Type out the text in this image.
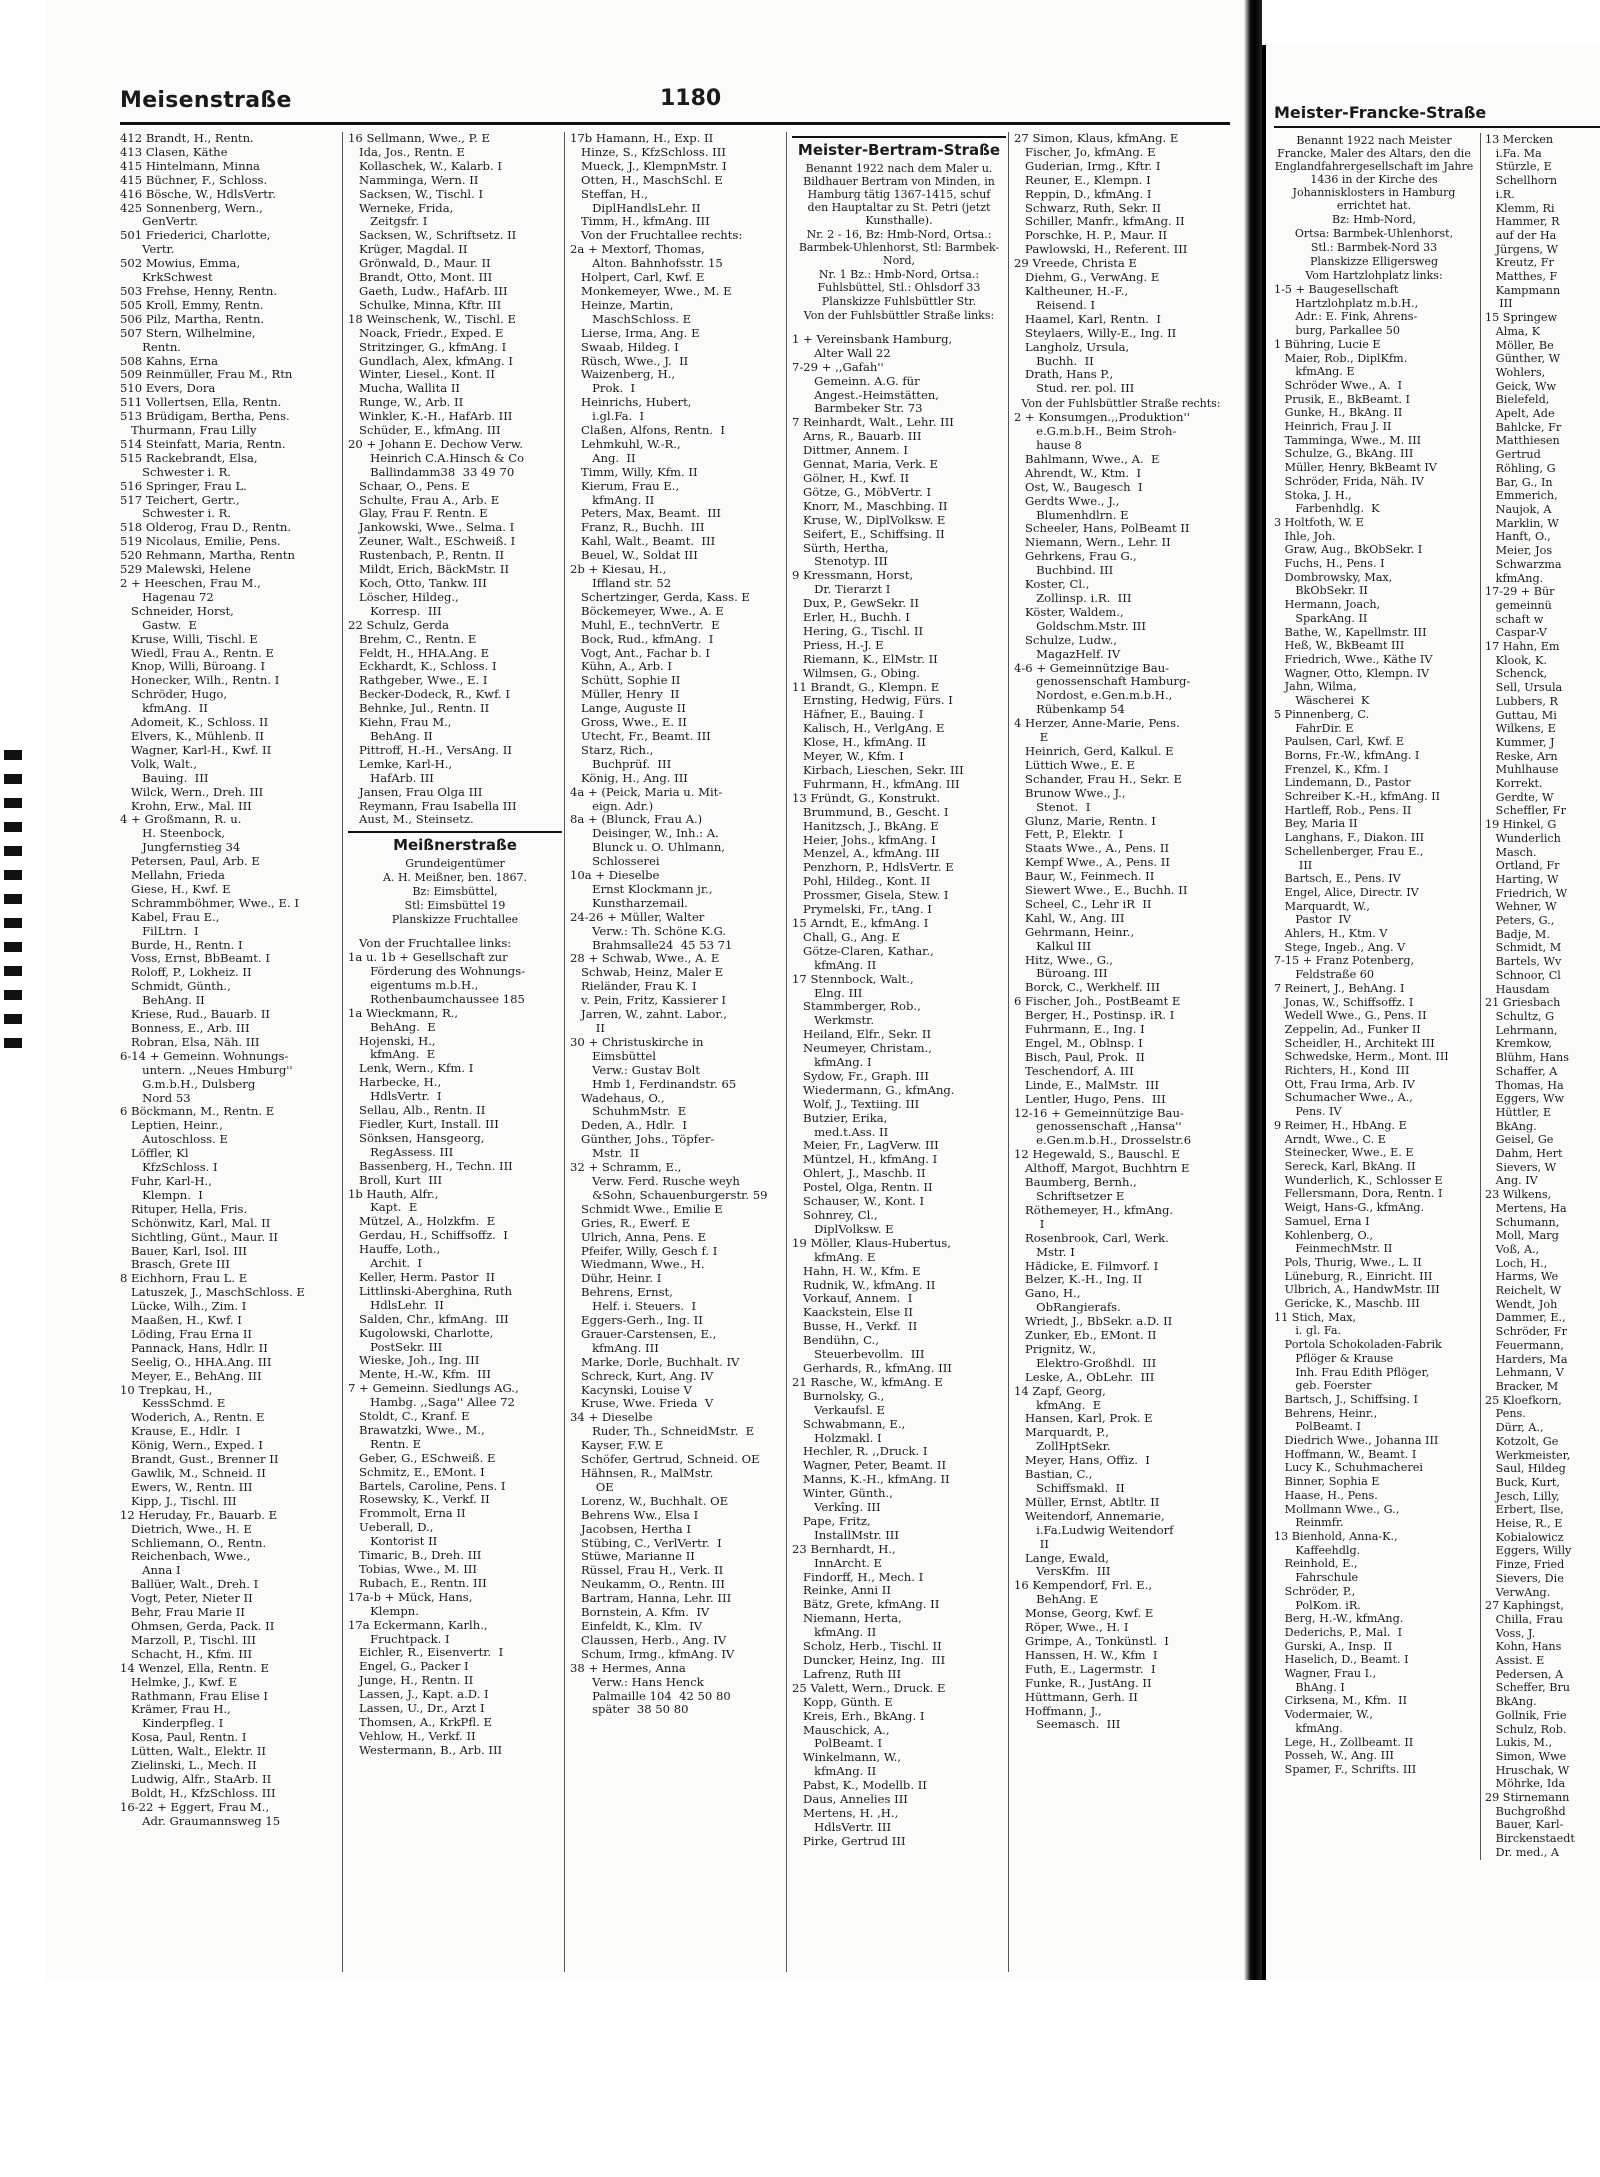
Meisenstraße	1180
412 Brandt, H., Rentn.
413 Clasen, Käthe
415 Hintelmann, Minna
415 Büchner, F., Schloss.
416 Bösche, W., HdlsVertr.
425 Sonnenberg, Wern.,
GenVertr.
501 Friederici, Charlotte,
Vertr.
502 Mowius, Emma,
KrkSchwest
503 Frehse, Henny, Rentn.
505 Kroll, Emmy, Rentn.
506 Pilz, Martha, Rentn.
507 Stern, Wilhelmine,
Rentn.
508 Kahns, Erna
509 Reinmüller, Frau M., Rtn
510 Evers, Dora
511 Vollertsen, Ella, Rentn.
513 Brüdigam, Bertha, Pens.
Thurmann, Frau Lilly
514 Steinfatt, Maria, Rentn.
515 Rackebrandt, Elsa,
Schwester i. R.
516 Springer, Frau L.
517 Teichert, Gertr.,
Schwester i. R.
518 Olderog, Frau D., Rentn.
519 Nicolaus, Emilie, Pens.
520 Rehmann, Martha, Rentn
529 Malewski, Helene
2 + Heeschen, Frau M.,
Hagenau 72
Schneider, Horst,
Gastw.  E
Kruse, Willi, Tischl. E
Wiedl, Frau A., Rentn. E
Knop, Willi, Büroang. I
Honecker, Wilh., Rentn. I
Schröder, Hugo,
kfmAng.  II
Adomeit, K., Schloss. II
Elvers, K., Mühlenb. II
Wagner, Karl-H., Kwf. II
Volk, Walt.,
Bauing.  III
Wilck, Wern., Dreh. III
Krohn, Erw., Mal. III
4 + Großmann, R. u.
H. Steenbock,
Jungfernstieg 34
Petersen, Paul, Arb. E
Mellahn, Frieda
Giese, H., Kwf. E
Schrammböhmer, Wwe., E. I
Kabel, Frau E.,
FilLtrn.  I
Burde, H., Rentn. I
Voss, Ernst, BbBeamt. I
Roloff, P., Lokheiz. II
Schmidt, Günth.,
BehAng. II
Kriese, Rud., Bauarb. II
Bonness, E., Arb. III
Robran, Elsa, Näh. III
6-14 + Gemeinn. Wohnungs-
untern. ,,Neues Hmburg''
G.m.b.H., Dulsberg
Nord 53
6 Böckmann, M., Rentn. E
Leptien, Heinr.,
Autoschloss. E
Löffler, Kl
KfzSchloss. I
Fuhr, Karl-H.,
Klempn.  I
Rituper, Hella, Fris.
Schönwitz, Karl, Mal. II
Sichtling, Günt., Maur. II
Bauer, Karl, Isol. III
Brasch, Grete III
8 Eichhorn, Frau L. E
Latuszek, J., MaschSchloss. E
Lücke, Wilh., Zim. I
Maaßen, H., Kwf. I
Löding, Frau Erna II
Pannack, Hans, Hdlr. II
Seelig, O., HHA.Ang. III
Meyer, E., BehAng. III
10 Trepkau, H.,
KessSchmd. E
Woderich, A., Rentn. E
Krause, E., Hdlr.  I
König, Wern., Exped. I
Brandt, Gust., Brenner II
Gawlik, M., Schneid. II
Ewers, W., Rentn. III
Kipp, J., Tischl. III
12 Heruday, Fr., Bauarb. E
Dietrich, Wwe., H. E
Schliemann, O., Rentn.
Reichenbach, Wwe.,
Anna I
Ballüer, Walt., Dreh. I
Vogt, Peter, Nieter II
Behr, Frau Marie II
Ohmsen, Gerda, Pack. II
Marzoll, P., Tischl. III
Schacht, H., Kfm. III
14 Wenzel, Ella, Rentn. E
Helmke, J., Kwf. E
Rathmann, Frau Elise I
Krämer, Frau H.,
Kinderpfleg. I
Kosa, Paul, Rentn. I
Lütten, Walt., Elektr. II
Zielinski, L., Mech. II
Ludwig, Alfr., StaArb. II
Boldt, H., KfzSchloss. III
16-22 + Eggert, Frau M.,
Adr. Graumannsweg 15
16 Sellmann, Wwe., P. E
Ida, Jos., Rentn. E
Kollaschek, W., Kalarb. I
Namminga, Wern. II
Sacksen, W., Tischl. I
Werneke, Frida,
Zeitgsfr. I
Sacksen, W., Schriftsetz. II
Krüger, Magdal. II
Grönwald, D., Maur. II
Brandt, Otto, Mont. III
Gaeth, Ludw., HafArb. III
Schulke, Minna, Kftr. III
18 Weinschenk, W., Tischl. E
Noack, Friedr., Exped. E
Stritzinger, G., kfmAng. I
Gundlach, Alex, kfmAng. I
Winter, Liesel., Kont. II
Mucha, Wallita II
Runge, W., Arb. II
Winkler, K.-H., HafArb. III
Schüder, E., kfmAng. III
20 + Johann E. Dechow Verw.
Heinrich C.A.Hinsch & Co
Ballindamm38  33 49 70
Schaar, O., Pens. E
Schulte, Frau A., Arb. E
Glay, Frau F. Rentn. E
Jankowski, Wwe., Selma. I
Zeuner, Walt., ESchweiß. I
Rustenbach, P., Rentn. II
Mildt, Erich, BäckMstr. II
Koch, Otto, Tankw. III
Löscher, Hildeg.,
Korresp.  III
22 Schulz, Gerda
Brehm, C., Rentn. E
Feldt, H., HHA.Ang. E
Eckhardt, K., Schloss. I
Rathgeber, Wwe., E. I
Becker-Dodeck, R., Kwf. I
Behnke, Jul., Rentn. II
Kiehn, Frau M.,
BehAng. II
Pittroff, H.-H., VersAng. II
Lemke, Karl-H.,
HafArb. III
Jansen, Frau Olga III
Reymann, Frau Isabella III
Aust, M., Steinsetz.
Meißnerstraße
Grundeigentümer
A. H. Meißner, ben. 1867.
Bz: Eimsbüttel,
Stl: Eimsbüttel 19
Planskizze Fruchtallee
Von der Fruchtallee links:
1a u. 1b + Gesellschaft zur
Förderung des Wohnungs-
eigentums m.b.H.,
Rothenbaumchaussee 185
1a Wieckmann, R.,
BehAng.  E
Hojenski, H.,
kfmAng.  E
Lenk, Wern., Kfm. I
Harbecke, H.,
HdlsVertr.  I
Sellau, Alb., Rentn. II
Fiedler, Kurt, Install. III
Sönksen, Hansgeorg,
RegAssess. III
Bassenberg, H., Techn. III
Broll, Kurt  III
1b Hauth, Alfr.,
Kapt.  E
Mützel, A., Holzkfm.  E
Gerdau, H., Schiffsoffz.  I
Hauffe, Loth.,
Archit.  I
Keller, Herm. Pastor  II
Littlinski-Aberghina, Ruth
HdlsLehr.  II
Salden, Chr., kfmAng.  III
Kugolowski, Charlotte,
PostSekr. III
Wieske, Joh., Ing. III
Mente, H.-W., Kfm.  III
7 + Gemeinn. Siedlungs AG.,
Hambg. ,,Saga'' Allee 72
Stoldt, C., Kranf. E
Brawatzki, Wwe., M.,
Rentn. E
Geber, G., ESchweiß. E
Schmitz, E., EMont. I
Bartels, Caroline, Pens. I
Rosewsky, K., Verkf. II
Frommolt, Erna II
Ueberall, D.,
Kontorist II
Timaric, B., Dreh. III
Tobias, Wwe., M. III
Rubach, E., Rentn. III
17a-b + Mück, Hans,
Klempn.
17a Eckermann, Karlh.,
Fruchtpack. I
Eichler, R., Eisenvertr.  I
Engel, G., Packer I
Junge, H., Rentn. II
Lassen, J., Kapt. a.D. I
Lassen, U., Dr., Arzt I
Thomsen, A., KrkPfl. E
Vehlow, H., Verkf. II
Westermann, B., Arb. III
17b Hamann, H., Exp. II
Hinze, S., KfzSchloss. III
Mueck, J., KlempnMstr. I
Otten, H., MaschSchl. E
Steffan, H.,
DiplHandlsLehr. II
Timm, H., kfmAng. III
Von der Fruchtallee rechts:
2a + Mextorf, Thomas,
Alton. Bahnhofsstr. 15
Holpert, Carl, Kwf. E
Monkemeyer, Wwe., M. E
Heinze, Martin,
MaschSchloss. E
Lierse, Irma, Ang. E
Swaab, Hildeg. I
Rüsch, Wwe., J.  II
Waizenberg, H.,
Prok.  I
Heinrichs, Hubert,
i.gl.Fa.  I
Claßen, Alfons, Rentn.  I
Lehmkuhl, W.-R.,
Ang.  II
Timm, Willy, Kfm. II
Kierum, Frau E.,
kfmAng. II
Peters, Max, Beamt.  III
Franz, R., Buchh.  III
Kahl, Walt., Beamt.  III
Beuel, W., Soldat III
2b + Kiesau, H.,
Iffland str. 52
Schertzinger, Gerda, Kass. E
Böckemeyer, Wwe., A. E
Muhl, E., technVertr.  E
Bock, Rud., kfmAng.  I
Vogt, Ant., Fachar b. I
Kühn, A., Arb. I
Schütt, Sophie II
Müller, Henry  II
Lange, Auguste II
Gross, Wwe., E. II
Utecht, Fr., Beamt. III
Starz, Rich.,
Buchprüf.  III
König, H., Ang. III
4a + (Peick, Maria u. Mit-
eign. Adr.)
8a + (Blunck, Frau A.)
Deisinger, W., Inh.: A.
Blunck u. O. Uhlmann,
Schlosserei
10a + Dieselbe
Ernst Klockmann jr.,
Kunstharzemail.
24-26 + Müller, Walter
Verw.: Th. Schöne K.G.
Brahmsalle24  45 53 71
28 + Schwab, Wwe., A. E
Schwab, Heinz, Maler E
Rieländer, Frau K. I
v. Pein, Fritz, Kassierer I
Jarren, W., zahnt. Labor.,
II
30 + Christuskirche in
Eimsbüttel
Verw.: Gustav Bolt
Hmb 1, Ferdinandstr. 65
Wadehaus, O.,
SchuhmMstr.  E
Deden, A., Hdlr.  I
Günther, Johs., Töpfer-
Mstr.  II
32 + Schramm, E.,
Verw. Ferd. Rusche weyh
&Sohn, Schauenburgerstr. 59
Schmidt Wwe., Emilie E
Gries, R., Ewerf. E
Ulrich, Anna, Pens. E
Pfeifer, Willy, Gesch f. I
Wiedmann, Wwe., H.
Dühr, Heinr. I
Behrens, Ernst,
Helf. i. Steuers.  I
Eggers-Gerh., Ing. II
Grauer-Carstensen, E.,
kfmAng. III
Marke, Dorle, Buchhalt. IV
Schreck, Kurt, Ang. IV
Kacynski, Louise V
Kruse, Wwe. Frieda  V
34 + Dieselbe
Ruder, Th., SchneidMstr.  E
Kayser, F.W. E
Schöfer, Gertrud, Schneid. OE
Hähnsen, R., MalMstr.
OE
Lorenz, W., Buchhalt. OE
Behrens Ww., Elsa I
Jacobsen, Hertha I
Stübing, C., VerlVertr.  I
Stüwe, Marianne II
Rüssel, Frau H., Verk. II
Neukamm, O., Rentn. III
Bartram, Hanna, Lehr. III
Bornstein, A. Kfm.  IV
Einfeldt, K., Klm.  IV
Claussen, Herb., Ang. IV
Schum, Irmg., kfmAng. IV
38 + Hermes, Anna
Verw.: Hans Henck
Palmaille 104  42 50 80
später  38 50 80
Meister-Bertram-Straße
Benannt 1922 nach dem Maler u. Bildhauer Bertram von Minden, in Hamburg tätig 1367-1415, schuf den Hauptaltar zu St. Petri (jetzt Kunsthalle).
Nr. 2 - 16, Bz: Hmb-Nord, Ortsa.: Barmbek-Uhlenhorst, Stl: Barmbek-Nord,
Nr. 1 Bz.: Hmb-Nord, Ortsa.: Fuhlsbüttel, Stl.: Ohlsdorf 33
Planskizze Fuhlsbüttler Str.
Von der Fuhlsbüttler Straße links:
1 + Vereinsbank Hamburg,
Alter Wall 22
7-29 + ,,Gafah''
Gemeinn. A.G. für
Angest.-Heimstätten,
Barmbeker Str. 73
7 Reinhardt, Walt., Lehr. III
Arns, R., Bauarb. III
Dittmer, Annem. I
Gennat, Maria, Verk. E
Gölner, H., Kwf. II
Götze, G., MöbVertr. I
Knorr, M., Maschbing. II
Kruse, W., DiplVolksw. E
Seifert, E., Schiffsing. II
Sürth, Hertha,
Stenotyp. III
9 Kressmann, Horst,
Dr. Tierarzt I
Dux, P., GewSekr. II
Erler, H., Buchh. I
Hering, G., Tischl. II
Priess, H.-J. E
Riemann, K., ElMstr. II
Wilmsen, G., Obing.
11 Brandt, G., Klempn. E
Ernsting, Hedwig, Fürs. I
Häfner, E., Bauing. I
Kalisch, H., VerlgAng. E
Klose, H., kfmAng. II
Meyer, W., Kfm. I
Kirbach, Lieschen, Sekr. III
Fuhrmann, H., kfmAng. III
13 Fründt, G., Konstrukt.
Brummund, B., Gescht. I
Hanitzsch, J., BkAng. E
Heier, Johs., kfmAng. I
Menzel, A., kfmAng. III
Penzhorn, P., HdlsVertr. E
Pohl, Hildeg., Kont. II
Prossmer, Gisela, Stew. I
Prymelski, Fr., tAng. I
15 Arndt, E., kfmAng. I
Chall, G., Ang. E
Götze-Claren, Kathar.,
kfmAng. II
17 Stennbock, Walt.,
Elng. III
Stammberger, Rob.,
Werkmstr.
Heiland, Elfr., Sekr. II
Neumeyer, Christam.,
kfmAng. I
Sydow, Fr., Graph. III
Wiedermann, G., kfmAng.
Wolf, J., Textiing. III
Butzier, Erika,
med.t.Ass. II
Meier, Fr., LagVerw. III
Müntzel, H., kfmAng. I
Ohlert, J., Maschb. II
Postel, Olga, Rentn. II
Schauser, W., Kont. I
Sohnrey, Cl.,
DiplVolksw. E
19 Möller, Klaus-Hubertus,
kfmAng. E
Hahn, H. W., Kfm. E
Rudnik, W., kfmAng. II
Vorkauf, Annem.  I
Kaackstein, Else II
Busse, H., Verkf.  II
Bendühn, C.,
Steuerbevollm.  III
Gerhards, R., kfmAng. III
21 Rasche, W., kfmAng. E
Burnolsky, G.,
Verkaufsl. E
Schwabmann, E.,
Holzmakl. I
Hechler, R. ,,Druck. I
Wagner, Peter, Beamt. II
Manns, K.-H., kfmAng. II
Winter, Günth.,
Verkîng. III
Pape, Fritz,
InstallMstr. III
23 Bernhardt, H.,
InnArcht. E
Findorff, H., Mech. I
Reinke, Anni II
Bätz, Grete, kfmAng. II
Niemann, Herta,
kfmAng. II
Scholz, Herb., Tischl. II
Duncker, Heinz, Ing.  III
Lafrenz, Ruth III
25 Valett, Wern., Druck. E
Kopp, Günth. E
Kreis, Erh., BkAng. I
Mauschick, A.,
PolBeamt. I
Winkelmann, W.,
kfmAng. II
Pabst, K., Modellb. II
Daus, Annelies III
Mertens, H. ,H.,
HdlsVertr. III
Pirke, Gertrud III
27 Simon, Klaus, kfmAng. E
Fischer, Jo, kfmAng. E
Guderian, Irmg., Kftr. I
Reuner, E., Klempn. I
Reppin, D., kfmAng. I
Schwarz, Ruth, Sekr. II
Schiller, Manfr., kfmAng. II
Porschke, H. P., Maur. II
Pawlowski, H., Referent. III
29 Vreede, Christa E
Diehm, G., VerwAng. E
Kaltheuner, H.-F.,
Reisend. I
Haamel, Karl, Rentn.  I
Steylaers, Willy-E., Ing. II
Langholz, Ursula,
Buchh.  II
Drath, Hans P.,
Stud. rer. pol. III
Von der Fuhlsbüttler Straße rechts:
2 + Konsumgen.,,Produktion''
e.G.m.b.H., Beim Stroh-
hause 8
Bahlmann, Wwe., A.  E
Ahrendt, W., Ktm.  I
Ost, W., Baugesch  I
Gerdts Wwe., J.,
Blumenhdlrn. E
Scheeler, Hans, PolBeamt II
Niemann, Wern., Lehr. II
Gehrkens, Frau G.,
Buchbind. III
Koster, Cl.,
Zollinsp. i.R.  III
Köster, Waldem.,
Goldschm.Mstr. III
Schulze, Ludw.,
MagazHelf. IV
4-6 + Gemeinnützige Bau-
genossenschaft Hamburg-
Nordost, e.Gen.m.b.H.,
Rübenkamp 54
4 Herzer, Anne-Marie, Pens.
E
Heinrich, Gerd, Kalkul. E
Lüttich Wwe., E. E
Schander, Frau H., Sekr. E
Brunow Wwe., J.,
Stenot.  I
Glunz, Marie, Rentn. I
Fett, P., Elektr.  I
Staats Wwe., A., Pens. II
Kempf Wwe., A., Pens. II
Baur, W., Feinmech. II
Siewert Wwe., E., Buchh. II
Scheel, C., Lehr iR  II
Kahl, W., Ang. III
Gehrmann, Heinr.,
Kalkul III
Hitz, Wwe., G.,
Büroang. III
Borck, C., Werkhelf. III
6 Fischer, Joh., PostBeamt E
Berger, H., Postinsp. iR. I
Fuhrmann, E., Ing. I
Engel, M., Oblnsp. I
Bisch, Paul, Prok.  II
Teschendorf, A. III
Linde, E., MalMstr.  III
Lentler, Hugo, Pens.  III
12-16 + Gemeinnützige Bau-
genossenschaft ,,Hansa''
e.Gen.m.b.H., Drosselstr.6
12 Hegewald, S., Bauschl. E
Althoff, Margot, Buchhtrn E
Baumberg, Bernh.,
Schriftsetzer E
Röthemeyer, H., kfmAng.
I
Rosenbrook, Carl, Werk.
Mstr. I
Hädicke, E. Filmvorf. I
Belzer, K.-H., Ing. II
Gano, H.,
ObRangierafs.
Wriedt, J., BbSekr. a.D. II
Zunker, Eb., EMont. II
Prignitz, W.,
Elektro-Großhdl.  III
Leske, A., ObLehr.  III
14 Zapf, Georg,
kfmAng.  E
Hansen, Karl, Prok. E
Marquardt, P.,
ZollHptSekr.
Meyer, Hans, Offiz.  I
Bastian, C.,
Schiffsmakl.  II
Müller, Ernst, Abtltr. II
Weitendorf, Annemarie,
i.Fa.Ludwig Weitendorf
II
Lange, Ewald,
VersKfm.  III
16 Kempendorf, Frl. E.,
BehAng. E
Monse, Georg, Kwf. E
Röper, Wwe., H. I
Grimpe, A., Tonkünstl.  I
Hanssen, H. W., Kfm  I
Futh, E., Lagermstr.  I
Funke, R., JustAng. II
Hüttmann, Gerh. II
Hoffmann, J.,
Seemasch.  III
Meister-Francke-Straße
Benannt 1922 nach Meister Francke, Maler des Altars, den die Englandfahrergesellschaft im Jahre 1436 in der Kirche des Johannisklosters in Hamburg errichtet hat.
Bz: Hmb-Nord,
Ortsa: Barmbek-Uhlenhorst,
Stl.: Barmbek-Nord 33
Planskizze Elligersweg
Vom Hartzlohplatz links:
1-5 + Baugesellschaft
Hartzlohplatz m.b.H.,
Adr.: E. Fink, Ahrens-
burg, Parkallee 50
1 Bühring, Lucie E
Maier, Rob., DiplKfm.
kfmAng. E
Schröder Wwe., A.  I
Prusik, E., BkBeamt. I
Gunke, H., BkAng. II
Heinrich, Frau J. II
Tamminga, Wwe., M. III
Schulze, G., BkAng. III
Müller, Henry, BkBeamt IV
Schröder, Frida, Näh. IV
Stoka, J. H.,
Farbenhdlg.  K
3 Holtfoth, W. E
Ihle, Joh.
Graw, Aug., BkObSekr. I
Fuchs, H., Pens. I
Dombrowsky, Max,
BkObSekr. II
Hermann, Joach,
SparkAng. II
Bathe, W., Kapellmstr. III
Heß, W., BkBeamt III
Friedrich, Wwe., Käthe IV
Wagner, Otto, Klempn. IV
Jahn, Wilma,
Wäscherei  K
5 Pinnenberg, C.
FahrDir. E
Paulsen, Carl, Kwf. E
Borns, Fr.-W., kfmAng. I
Frenzel, K., Kfm. I
Lindemann, D., Pastor
Schreiber K.-H., kfmAng. II
Hartleff, Rob., Pens. II
Bey, Maria II
Langhans, F., Diakon. III
Schellenberger, Frau E.,
III
Bartsch, E., Pens. IV
Engel, Alice, Directr. IV
Marquardt, W.,
Pastor  IV
Ahlers, H., Ktm. V
Stege, Ingeb., Ang. V
7-15 + Franz Potenberg,
Feldstraße 60
7 Reinert, J., BehAng. I
Jonas, W., Schiffsoffz. I
Wedell Wwe., G., Pens. II
Zeppelin, Ad., Funker II
Scheidler, H., Architekt III
Schwedske, Herm., Mont. III
Richters, H., Kond  III
Ott, Frau Irma, Arb. IV
Schumacher Wwe., A.,
Pens. IV
9 Reimer, H., HbAng. E
Arndt, Wwe., C. E
Steinecker, Wwe., E. E
Sereck, Karl, BkAng. II
Wunderlich, K., Schlosser E
Fellersmann, Dora, Rentn. I
Weigt, Hans-G., kfmAng.
Samuel, Erna I
Kohlenberg, O.,
FeinmechMstr. II
Pols, Thurig, Wwe., L. II
Lüneburg, R., Einricht. III
Ulbrich, A., HandwMstr. III
Gericke, K., Maschb. III
11 Stich, Max,
i. gl. Fa.
Portola Schokoladen-Fabrik
Pflöger & Krause
Inh. Frau Edith Pflöger,
geb. Foerster
Bartsch, J., Schiffsing. I
Behrens, Heinr.,
PolBeamt. I
Diedrich Wwe., Johanna III
Hoffmann, W., Beamt. I
Lucy K., Schuhmacherei
Binner, Sophia E
Haase, H., Pens.
Mollmann Wwe., G.,
Reinmfr.
13 Bienhold, Anna-K.,
Kaffeehdlg.
Reinhold, E.,
Fahrschule
Schröder, P.,
PolKom. iR.
Berg, H.-W., kfmAng.
Dederichs, P., Mal.  I
Gurski, A., Insp.  II
Haselich, D., Beamt. I
Wagner, Frau I.,
BhAng. I
Cirksena, M., Kfm.  II
Vodermaier, W.,
kfmAng.
Lege, H., Zollbeamt. II
Posseh, W., Ang. III
Spamer, F., Schrifts. III
13 Mercken
i.Fa. Ma
Stürzle, E
Schellhorn
i.R.
Klemm, Ri
Hammer, R
auf der Ha
Jürgens, W
Kreutz, Fr
Matthes, F
Kampmann
III
15 Springew
Alma, K
Möller, Be
Günther, W
Wohlers,
Geick, Ww
Bielefeld,
Apelt, Ade
Bahlcke, Fr
Matthiesen
Gertrud
Röhling, G
Bar, G., In
Emmerich,
Naujok, A
Marklin, W
Hanft, O.,
Meier, Jos
Schwarzma
kfmAng.
17-29 + Bür
gemeinnü
schaft w
Caspar-V
17 Hahn, Em
Klook, K.
Schenck,
Sell, Ursula
Lubbers, R
Guttau, Mi
Wilkens, E
Kummer, J
Reske, Arn
Muhlhause
Korrekt.
Gerdte, W
Scheffler, Fr
19 Hinkel, G
Wunderlich
Masch.
Ortland, Fr
Harting, W
Friedrich, W
Wehner, W
Peters, G.,
Badje, M.
Schmidt, M
Bartels, Wv
Schnoor, Cl
Hausdam
21 Griesbach
Schultz, G
Lehrmann,
Kremkow,
Blühm, Hans
Schaffer, A
Thomas, Ha
Eggers, Ww
Hüttler, E
BkAng.
Geisel, Ge
Dahm, Hert
Sievers, W
Ang. IV
23 Wilkens,
Mertens, Ha
Schumann,
Moll, Marg
Voß, A.,
Loch, H.,
Harms, We
Reichelt, W
Wendt, Joh
Dammer, E.,
Schröder, Fr
Feuermann,
Harders, Ma
Lehmann, V
Bracker, M
25 Kloefkorn,
Pens.
Dürr, A.,
Kotzolt, Ge
Werkmeister,
Saul, Hildeg
Buck, Kurt,
Jesch, Lilly,
Erbert, Ilse,
Heise, R., E
Kobialowicz
Eggers, Willy
Finze, Fried
Sievers, Die
VerwAng.
27 Kaphingst,
Chilla, Frau
Voss, J.
Kohn, Hans
Assist. E
Pedersen, A
Scheffer, Bru
BkAng.
Gollnik, Frie
Schulz, Rob.
Lukis, M.,
Simon, Wwe
Hruschak, W
Möhrke, Ida
29 Stirnemann
Buchgroßhd
Bauer, Karl-
Birckenstaedt
Dr. med., A
